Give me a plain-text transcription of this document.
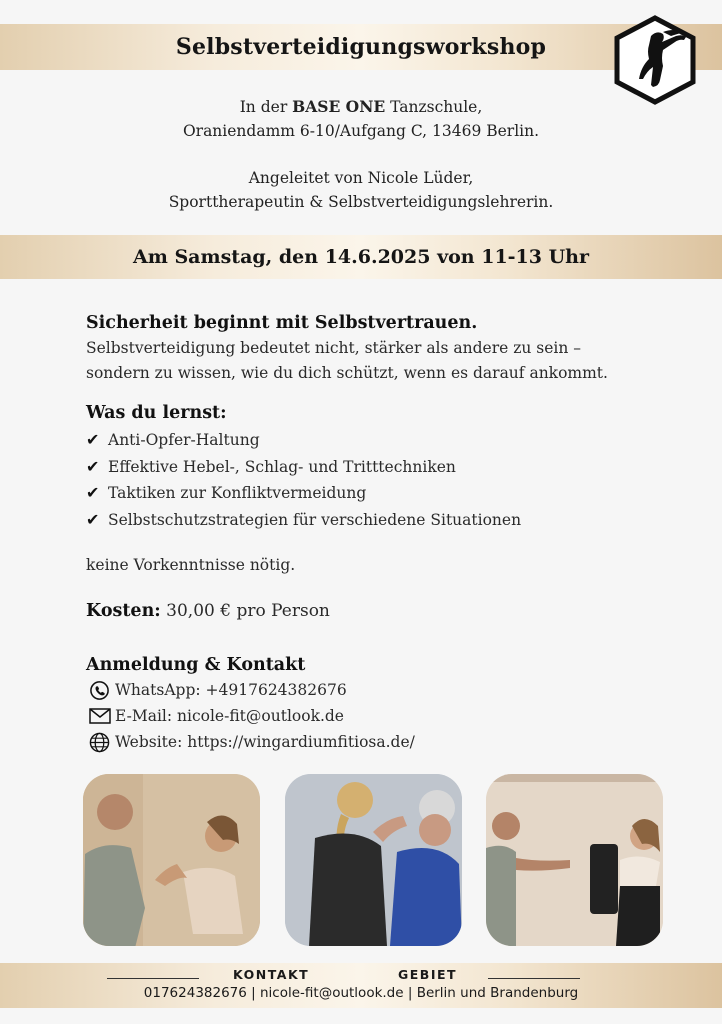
Selbstverteidigungsworkshop
In der BASE ONE Tanzschule,
Oraniendamm 6-10/Aufgang C, 13469 Berlin.
Angeleitet von Nicole Lüder,
Sporttherapeutin & Selbstverteidigungslehrerin.
Am Samstag, den 14.6.2025 von 11-13 Uhr
Sicherheit beginnt mit Selbstvertrauen.
Selbstverteidigung bedeutet nicht, stärker als andere zu sein –
sondern zu wissen, wie du dich schützt, wenn es darauf ankommt.
Was du lernst:
✔ Anti-Opfer-Haltung
✔ Effektive Hebel-, Schlag- und Tritttechniken
✔ Taktiken zur Konfliktvermeidung
✔ Selbstschutzstrategien für verschiedene Situationen
keine Vorkenntnisse nötig.
Kosten: 30,00 € pro Person
Anmeldung & Kontakt
WhatsApp: +4917624382676
E-Mail: nicole-fit@outlook.de
Website: https://wingardiumfitiosa.de/
KONTAKT	GEBIET
017624382676 | nicole-fit@outlook.de | Berlin und Brandenburg
